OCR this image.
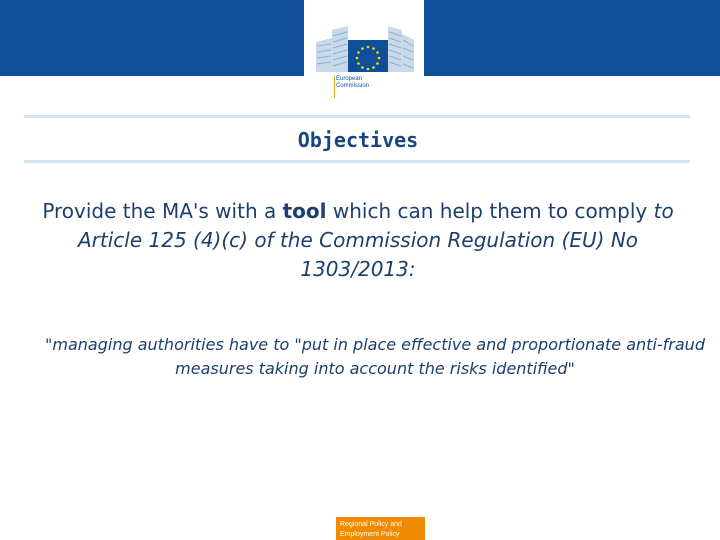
European
Commission
Objectives
Provide the MA's with a tool which can help them to comply to Article 125 (4)(c) of the Commission Regulation (EU) No 1303/2013:
"managing authorities have to "put in place effective and proportionate anti-fraud measures taking into account the risks identified"
Regional Policy and
Employment Policy
